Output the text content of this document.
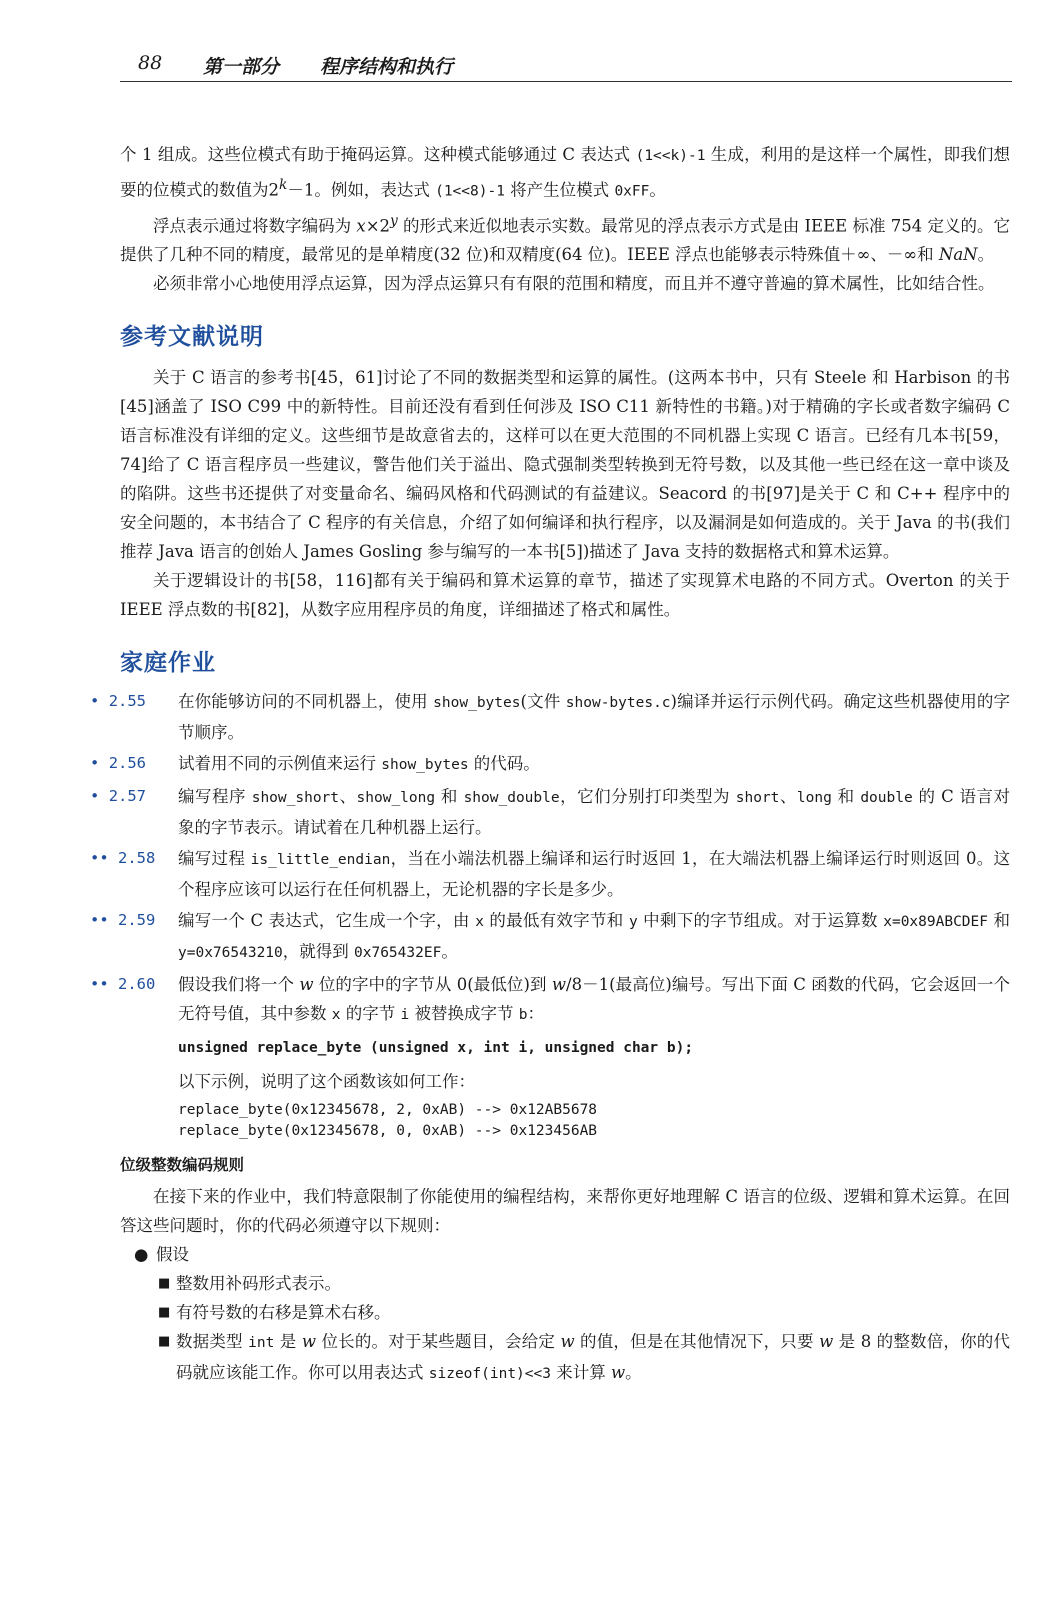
88 第一部分 程序结构和执行

个 1 组成。这些位模式有助于掩码运算。这种模式能够通过 C 表达式 (1<<k)-1 生成，利用的是这样一个属性，即我们想要的位模式的数值为$2^k-1$。例如，表达式 (1<<8)-1 将产生位模式 0xFF。

浮点表示通过将数字编码为 $x\times 2^y$ 的形式来近似地表示实数。最常见的浮点表示方式是由 IEEE 标准 754 定义的。它提供了几种不同的精度，最常见的是单精度(32 位)和双精度(64 位)。IEEE 浮点也能够表示特殊值＋∞、－∞和 NaN。

必须非常小心地使用浮点运算，因为浮点运算只有有限的范围和精度，而且并不遵守普遍的算术属性，比如结合性。

参考文献说明

关于 C 语言的参考书[45，61]讨论了不同的数据类型和运算的属性。(这两本书中，只有 Steele 和 Harbison 的书[45]涵盖了 ISO C99 中的新特性。目前还没有看到任何涉及 ISO C11 新特性的书籍。)对于精确的字长或者数字编码 C 语言标准没有详细的定义。这些细节是故意省去的，这样可以在更大范围的不同机器上实现 C 语言。已经有几本书[59，74]给了 C 语言程序员一些建议，警告他们关于溢出、隐式强制类型转换到无符号数，以及其他一些已经在这一章中谈及的陷阱。这些书还提供了对变量命名、编码风格和代码测试的有益建议。Seacord 的书[97]是关于 C 和 C++ 程序中的安全问题的，本书结合了 C 程序的有关信息，介绍了如何编译和执行程序，以及漏洞是如何造成的。关于 Java 的书(我们推荐 Java 语言的创始人 James Gosling 参与编写的一本书[5])描述了 Java 支持的数据格式和算术运算。

关于逻辑设计的书[58，116]都有关于编码和算术运算的章节，描述了实现算术电路的不同方式。Overton 的关于 IEEE 浮点数的书[82]，从数字应用程序员的角度，详细描述了格式和属性。

家庭作业
• 2.55	在你能够访问的不同机器上，使用 show_bytes(文件 show-bytes.c)编译并运行示例代码。确定这些机器使用的字节顺序。

• 2.56	试着用不同的示例值来运行 show_bytes 的代码。

• 2.57	编写程序 show_short、show_long 和 show_double，它们分别打印类型为 short、long 和 double 的 C 语言对象的字节表示。请试着在几种机器上运行。

•• 2.58	编写过程 is_little_endian，当在小端法机器上编译和运行时返回 1，在大端法机器上编译运行时则返回 0。这个程序应该可以运行在任何机器上，无论机器的字长是多少。

•• 2.59	编写一个 C 表达式，它生成一个字，由 x 的最低有效字节和 y 中剩下的字节组成。对于运算数 x=0x89ABCDEF 和 y=0x76543210，就得到 0x765432EF。

•• 2.60	假设我们将一个 w 位的字中的字节从 0(最低位)到 w/8－1(最高位)编号。写出下面 C 函数的代码，它会返回一个无符号值，其中参数 x 的字节 i 被替换成字节 b：

unsigned replace_byte (unsigned x, int i, unsigned char b);

以下示例，说明了这个函数该如何工作：

replace_byte(0x12345678, 2, 0xAB) --> 0x12AB5678
replace_byte(0x12345678, 0, 0xAB) --> 0x123456AB
位级整数编码规则

在接下来的作业中，我们特意限制了你能使用的编程结构，来帮你更好地理解 C 语言的位级、逻辑和算术运算。在回答这些问题时，你的代码必须遵守以下规则：

● 假设
■ 整数用补码形式表示。
■ 有符号数的右移是算术右移。
■ 数据类型 int 是 w 位长的。对于某些题目，会给定 w 的值，但是在其他情况下，只要 w 是 8 的整数倍，你的代码就应该能工作。你可以用表达式 sizeof(int)<<3 来计算 w。
